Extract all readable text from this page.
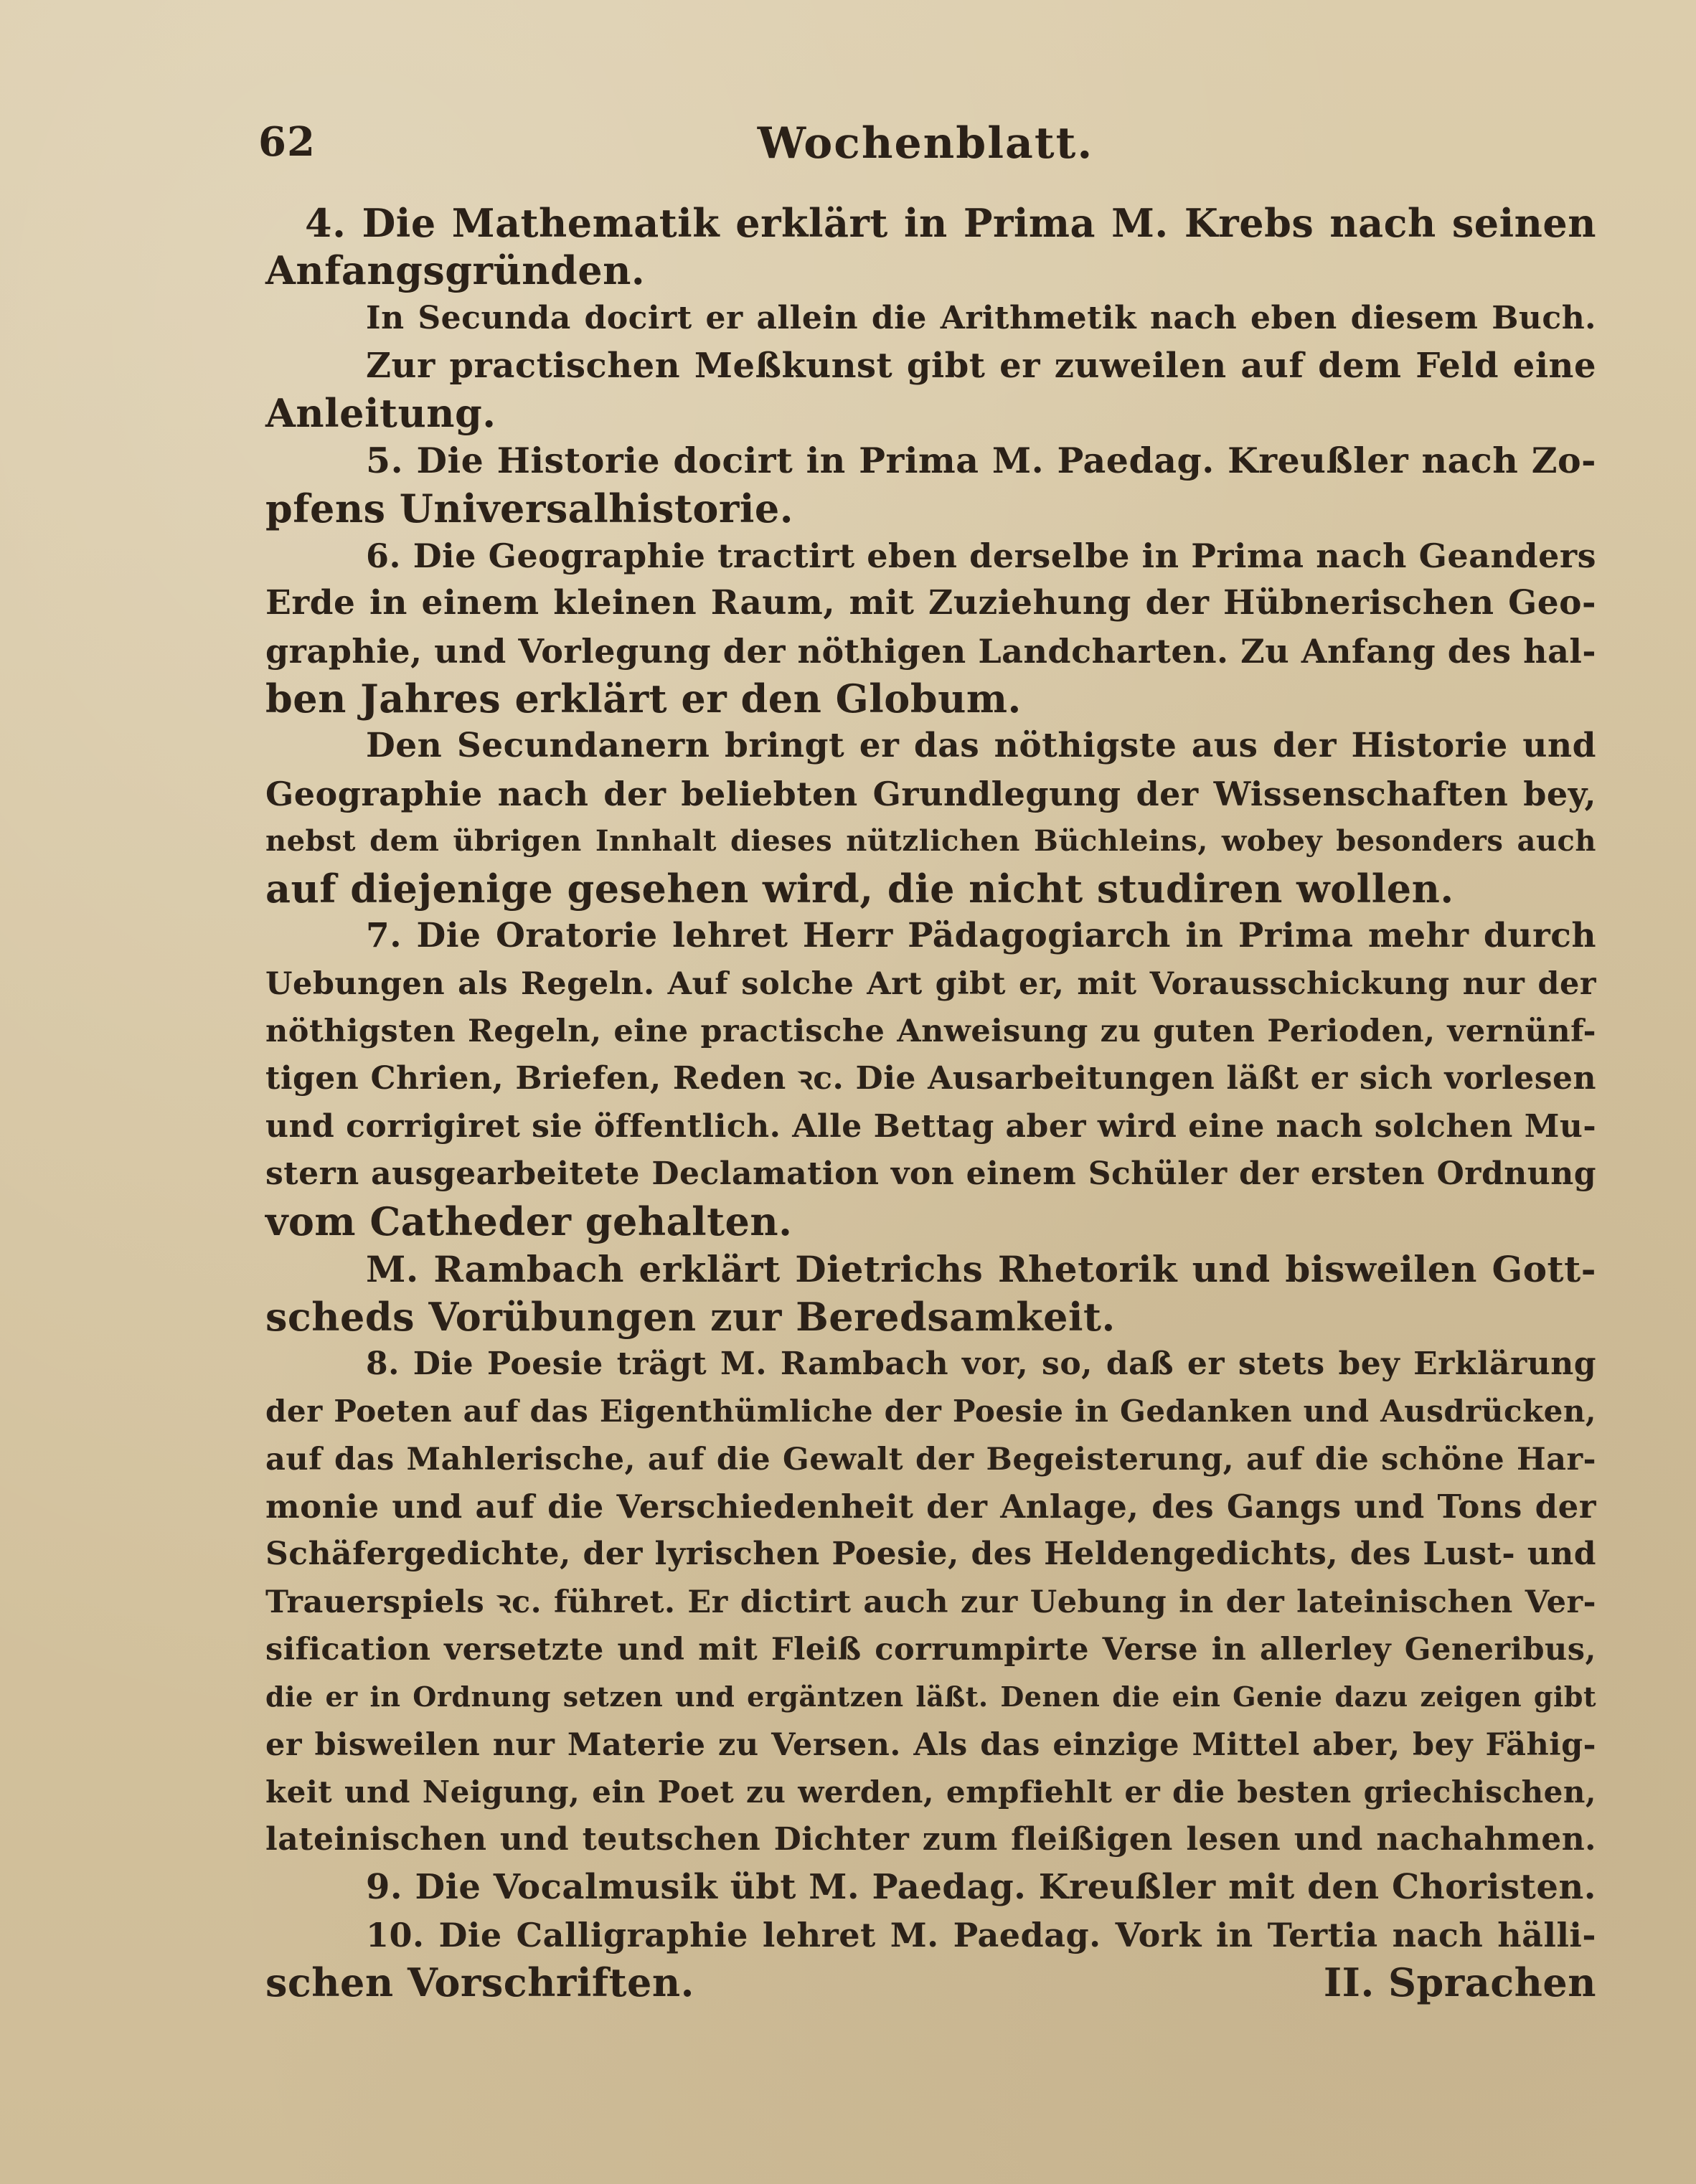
62	Wochenblatt.
4. Die Mathematik erklärt in Prima M. Krebs nach seinen
Anfangsgründen.
In Secunda docirt er allein die Arithmetik nach eben diesem Buch.
Zur practischen Meßkunst gibt er zuweilen auf dem Feld eine
Anleitung.
5. Die Historie docirt in Prima M. Paedag. Kreußler nach Zo-
pfens Universalhistorie.
6. Die Geographie tractirt eben derselbe in Prima nach Geanders
Erde in einem kleinen Raum, mit Zuziehung der Hübnerischen Geo-
graphie, und Vorlegung der nöthigen Landcharten. Zu Anfang des hal-
ben Jahres erklärt er den Globum.
Den Secundanern bringt er das nöthigste aus der Historie und
Geographie nach der beliebten Grundlegung der Wissenschaften bey,
nebst dem übrigen Innhalt dieses nützlichen Büchleins, wobey besonders auch
auf diejenige gesehen wird, die nicht studiren wollen.
7. Die Oratorie lehret Herr Pädagogiarch in Prima mehr durch
Uebungen als Regeln. Auf solche Art gibt er, mit Vorausschickung nur der
nöthigsten Regeln, eine practische Anweisung zu guten Perioden, vernünf-
tigen Chrien, Briefen, Reden ꝛc. Die Ausarbeitungen läßt er sich vorlesen
und corrigiret sie öffentlich. Alle Bettag aber wird eine nach solchen Mu-
stern ausgearbeitete Declamation von einem Schüler der ersten Ordnung
vom Catheder gehalten.
M. Rambach erklärt Dietrichs Rhetorik und bisweilen Gott-
scheds Vorübungen zur Beredsamkeit.
8. Die Poesie trägt M. Rambach vor, so, daß er stets bey Erklärung
der Poeten auf das Eigenthümliche der Poesie in Gedanken und Ausdrücken,
auf das Mahlerische, auf die Gewalt der Begeisterung, auf die schöne Har-
monie und auf die Verschiedenheit der Anlage, des Gangs und Tons der
Schäfergedichte, der lyrischen Poesie, des Heldengedichts, des Lust- und
Trauerspiels ꝛc. führet. Er dictirt auch zur Uebung in der lateinischen Ver-
sification versetzte und mit Fleiß corrumpirte Verse in allerley Generibus,
die er in Ordnung setzen und ergäntzen läßt. Denen die ein Genie dazu zeigen gibt
er bisweilen nur Materie zu Versen. Als das einzige Mittel aber, bey Fähig-
keit und Neigung, ein Poet zu werden, empfiehlt er die besten griechischen,
lateinischen und teutschen Dichter zum fleißigen lesen und nachahmen.
9. Die Vocalmusik übt M. Paedag. Kreußler mit den Choristen.
10. Die Calligraphie lehret M. Paedag. Vork in Tertia nach hälli-
schen Vorschriften.	II. Sprachen
